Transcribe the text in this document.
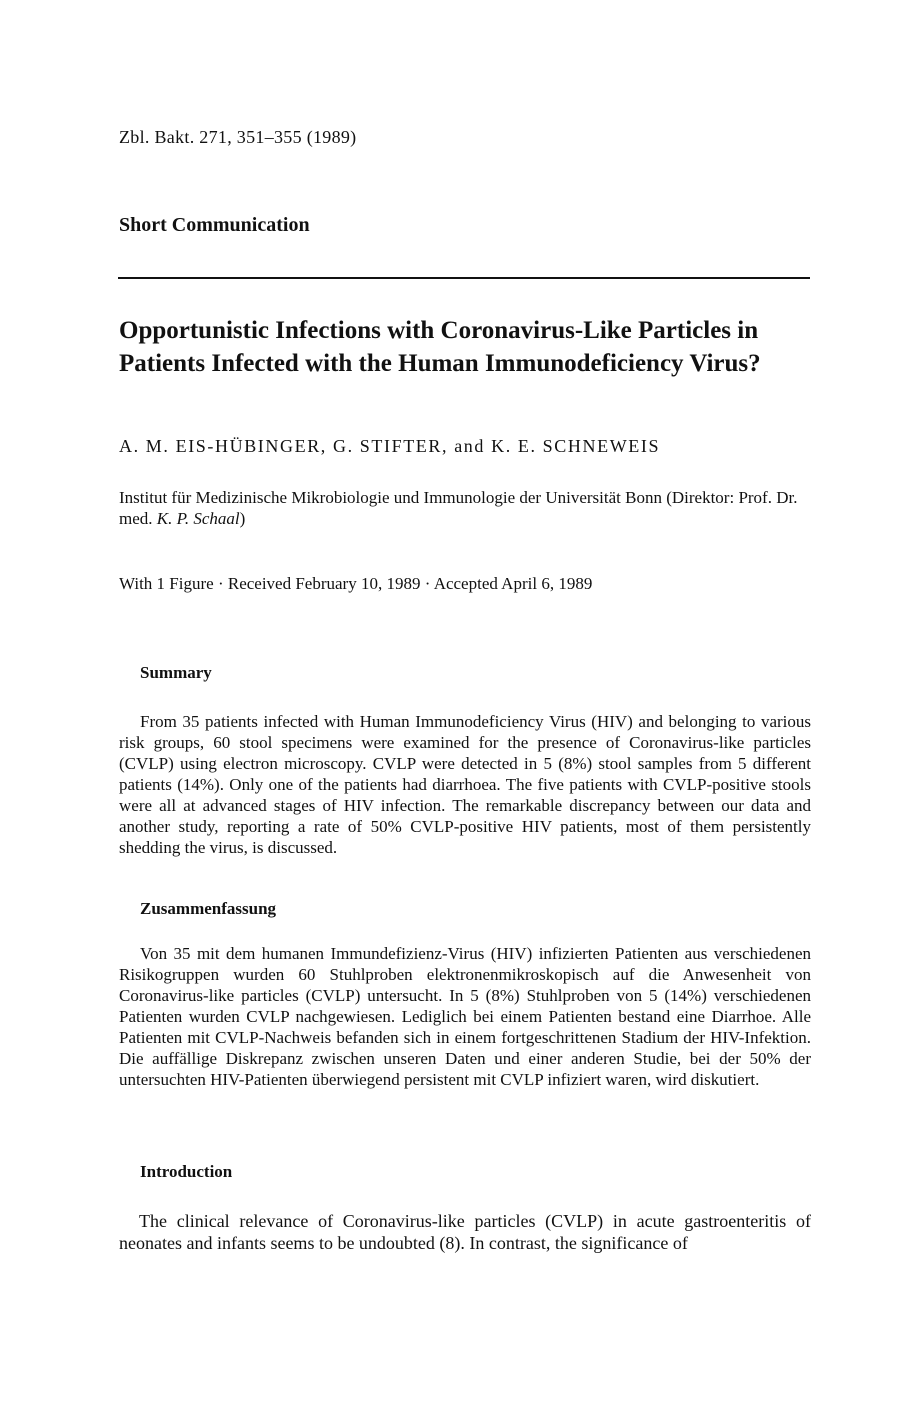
Zbl. Bakt. 271, 351–355 (1989)
Short Communication
Opportunistic Infections with Coronavirus-Like Particles in
Patients Infected with the Human Immunodeficiency Virus?
A. M. EIS-HÜBINGER, G. STIFTER, and K. E. SCHNEWEIS
Institut für Medizinische Mikrobiologie und Immunologie der Universität Bonn (Direktor: Prof. Dr. med. K. P. Schaal)
With 1 Figure · Received February 10, 1989 · Accepted April 6, 1989
Summary
From 35 patients infected with Human Immunodeficiency Virus (HIV) and belonging to various risk groups, 60 stool specimens were examined for the presence of Coronavirus-like particles (CVLP) using electron microscopy. CVLP were detected in 5 (8%) stool samples from 5 different patients (14%). Only one of the patients had diarrhoea. The five patients with CVLP-positive stools were all at advanced stages of HIV infection. The remarkable discrepancy between our data and another study, reporting a rate of 50% CVLP-positive HIV patients, most of them persistently shedding the virus, is discussed.
Zusammenfassung
Von 35 mit dem humanen Immundefizienz-Virus (HIV) infizierten Patienten aus verschiedenen Risikogruppen wurden 60 Stuhlproben elektronenmikroskopisch auf die Anwesenheit von Coronavirus-like particles (CVLP) untersucht. In 5 (8%) Stuhlproben von 5 (14%) verschiedenen Patienten wurden CVLP nachgewiesen. Lediglich bei einem Patienten bestand eine Diarrhoe. Alle Patienten mit CVLP-Nachweis befanden sich in einem fortgeschrittenen Stadium der HIV-Infektion. Die auffällige Diskrepanz zwischen unseren Daten und einer anderen Studie, bei der 50% der untersuchten HIV-Patienten überwiegend persistent mit CVLP infiziert waren, wird diskutiert.
Introduction
The clinical relevance of Coronavirus-like particles (CVLP) in acute gastroenteritis of neonates and infants seems to be undoubted (8). In contrast, the significance of
